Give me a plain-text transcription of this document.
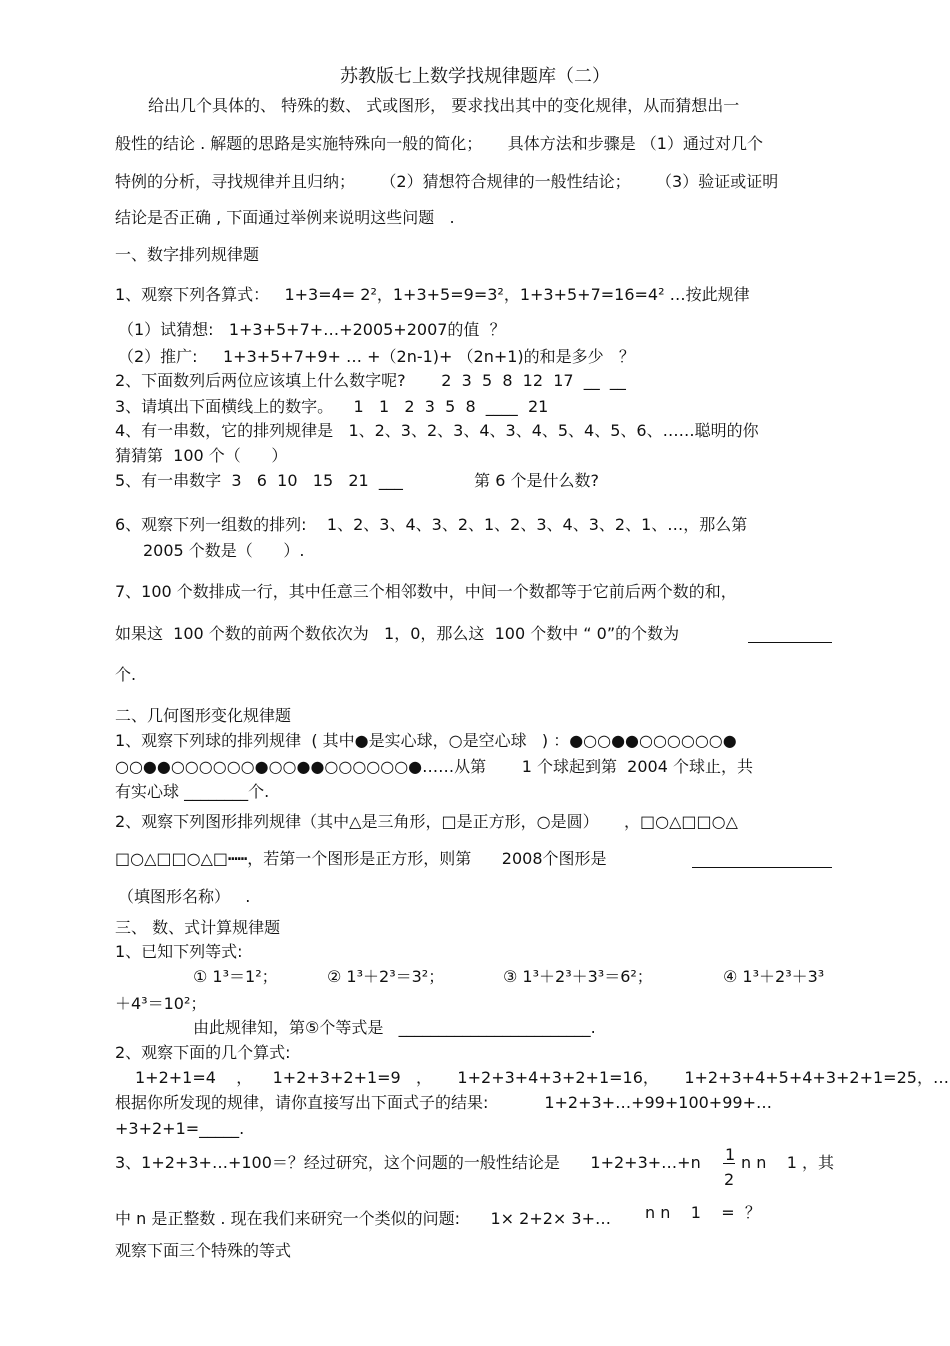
苏教版七上数学找规律题库（二）
给出几个具体的、 特殊的数、 式或图形， 要求找出其中的变化规律，从而猜想出一
般性的结论 . 解题的思路是实施特殊向一般的简化；     具体方法和步骤是 （1）通过对几个
特例的分析，寻找规律并且归纳；     （2）猜想符合规律的一般性结论；     （3）验证或证明
结论是否正确 , 下面通过举例来说明这些问题   .
一、数字排列规律题
1、观察下列各算式：   1+3=4= 2²，1+3+5=9=3²，1+3+5+7=16=4² …按此规律
（1）试猜想:   1+3+5+7+…+2005+2007的值  ？
（2）推广:     1+3+5+7+9+ … +（2n-1)+ （2n+1)的和是多少   ？
2、下面数列后两位应该填上什么数字呢?       2  3  5  8  12  17  __  __
3、请填出下面横线上的数字。    1   1   2  3  5  8  ____  21
4、有一串数，它的排列规律是   1、2、3、2、3、4、3、4、5、4、5、6、……聪明的你
猜猜第  100 个（      ）
5、有一串数字  3   6  10   15   21  ___              第 6 个是什么数?
6、观察下列一组数的排列:    1、2、3、4、3、2、1、2、3、4、3、2、1、…，那么第
2005 个数是（      ）.
7、100 个数排成一行，其中任意三个相邻数中，中间一个数都等于它前后两个数的和，
如果这  100 个数的前两个数依次为   1，0，那么这  100 个数中 “ 0”的个数为
个.
二、几何图形变化规律题
1、观察下列球的排列规律  ( 其中●是实心球，○是空心球   ) ：●○○●●○○○○○○●
○○●●○○○○○○●○○●●○○○○○○●……从第       1 个球起到第  2004 个球止，共
有实心球 ________个.
2、观察下列图形排列规律（其中△是三角形，□是正方形，○是圆）     ，□○△□□○△
□○△□□○△□┅┅，若第一个图形是正方形，则第      2008个图形是
（填图形名称）   .
三、 数、式计算规律题
1、已知下列等式:
① 1³＝1²；	② 1³＋2³＝3²；	③ 1³＋2³＋3³＝6²；	④ 1³＋2³＋3³
＋4³＝10²；
由此规律知，第⑤个等式是   ________________________.
2、观察下面的几个算式:
1+2+1=4    ，    1+2+3+2+1=9   ，     1+2+3+4+3+2+1=16，     1+2+3+4+5+4+3+2+1=25，…
根据你所发现的规律，请你直接写出下面式子的结果:           1+2+3+…+99+100+99+…
+3+2+1=_____.
3、1+2+3+…+100＝？经过研究，这个问题的一般性结论是      1+2+3+…+n 1
2
n n    1 ，其
中 n 是正整数 . 现在我们来研究一个类似的问题:      1× 2+2× 3+… n n    1    =  ？
观察下面三个特殊的等式
